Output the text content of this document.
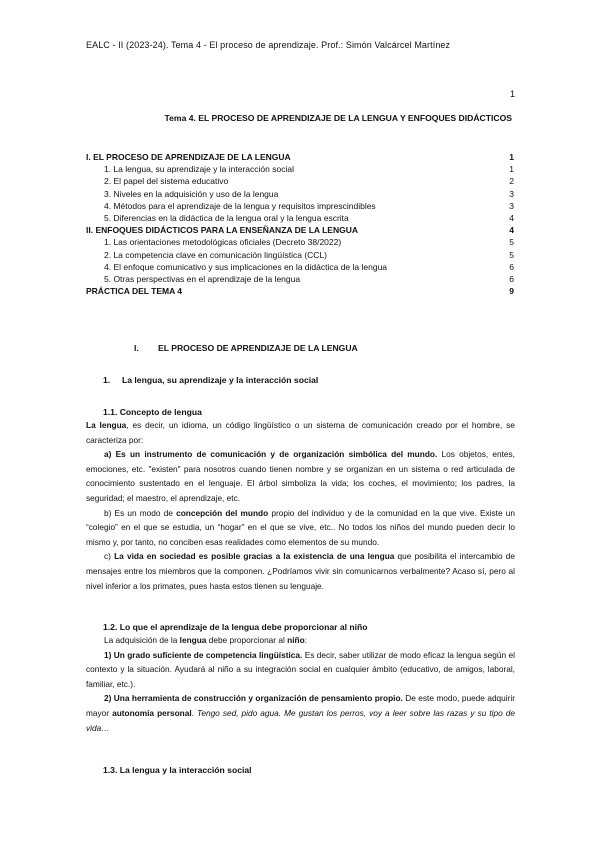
EALC - II (2023-24). Tema 4 - El proceso de aprendizaje. Prof.: Simón Valcárcel Martínez
1
Tema 4. EL PROCESO DE APRENDIZAJE DE LA LENGUA Y ENFOQUES DIDÁCTICOS
I. EL PROCESO DE APRENDIZAJE DE LA LENGUA	1
1. La lengua, su aprendizaje y la interacción social	1
2. El papel del sistema educativo	2
3. Niveles en la adquisición y uso de la lengua	3
4. Métodos para el aprendizaje de la lengua y requisitos imprescindibles	3
5. Diferencias en la didáctica de la lengua oral y la lengua escrita	4
II. ENFOQUES DIDÁCTICOS PARA LA ENSEÑANZA DE LA LENGUA	4
1. Las orientaciones metodológicas oficiales (Decreto 38/2022)	5
2. La competencia clave en comunicación lingüística (CCL)	5
4. El enfoque comunicativo y sus implicaciones en la didáctica de la lengua	6
5. Otras perspectivas en el aprendizaje de la lengua	6
PRÁCTICA DEL TEMA 4	9
I. EL PROCESO DE APRENDIZAJE DE LA LENGUA
1. La lengua, su aprendizaje y la interacción social
1.1. Concepto de lengua

La lengua, es decir, un idioma, un código lingüístico o un sistema de comunicación creado por el hombre, se caracteriza por:

a) Es un instrumento de comunicación y de organización simbólica del mundo. Los objetos, entes, emociones, etc. "existen" para nosotros cuando tienen nombre y se organizan en un sistema o red articulada de conocimiento sustentado en el lenguaje. El árbol simboliza la vida; los coches, el movimiento; los padres, la seguridad; el maestro, el aprendizaje, etc.

b) Es un modo de concepción del mundo propio del individuo y de la comunidad en la que vive. Existe un “colegio” en el que se estudia, un “hogar” en el que se vive, etc.. No todos los niños del mundo pueden decir lo mismo y, por tanto, no conciben esas realidades como elementos de su mundo.

c) La vida en sociedad es posible gracias a la existencia de una lengua que posibilita el intercambio de mensajes entre los miembros que la componen. ¿Podríamos vivir sin comunicarnos verbalmente? Acaso sí, pero al nivel inferior a los primates, pues hasta estos tienen su lenguaje.

1.2. Lo que el aprendizaje de la lengua debe proporcionar al niño

La adquisición de la lengua debe proporcionar al niño:

1) Un grado suficiente de competencia lingüística. Es decir, saber utilizar de modo eficaz la lengua según el contexto y la situación. Ayudará al niño a su integración social en cualquier ámbito (educativo, de amigos, laboral, familiar, etc.).

2) Una herramienta de construcción y organización de pensamiento propio. De este modo, puede adquirir mayor autonomía personal. Tengo sed, pido agua. Me gustan los perros, voy a leer sobre las razas y su tipo de vida…

1.3. La lengua y la interacción social
